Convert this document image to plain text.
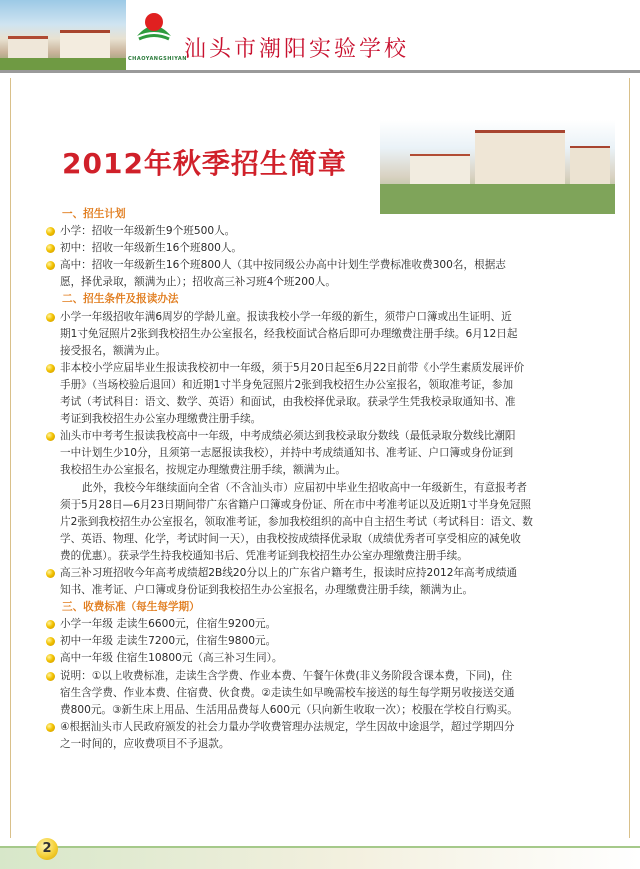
CHAOYANGSHIYAN
汕头市潮阳实验学校
2012年秋季招生简章

一、招生计划

小学：招收一年级新生9个班500人。

初中：招收一年级新生16个班800人。

高中：招收一年级新生16个班800人（其中按同级公办高中计划生学费标准收费300名，根据志

愿，择优录取，额满为止）；招收高三补习班4个班200人。

二、招生条件及报读办法

小学一年级招收年满6周岁的学龄儿童。报读我校小学一年级的新生，须带户口簿或出生证明、近

期1寸免冠照片2张到我校招生办公室报名，经我校面试合格后即可办理缴费注册手续。6月12日起

接受报名，额满为止。

非本校小学应届毕业生报读我校初中一年级，须于5月20日起至6月22日前带《小学生素质发展评价

手册》（当场校验后退回）和近期1寸半身免冠照片2张到我校招生办公室报名，领取准考证，参加

考试（考试科目：语文、数学、英语）和面试，由我校择优录取。获录学生凭我校录取通知书、准

考证到我校招生办公室办理缴费注册手续。

汕头市中考考生报读我校高中一年级，中考成绩必须达到我校录取分数线（最低录取分数线比潮阳

一中计划生少10分，且须第一志愿报读我校），并持中考成绩通知书、准考证、户口簿或身份证到

我校招生办公室报名，按规定办理缴费注册手续，额满为止。

此外，我校今年继续面向全省（不含汕头市）应届初中毕业生招收高中一年级新生，有意报考者

须于5月28日—6月23日期间带广东省籍户口簿或身份证、所在市中考准考证以及近期1寸半身免冠照

片2张到我校招生办公室报名，领取准考证，参加我校组织的高中自主招生考试（考试科目：语文、数

学、英语、物理、化学，考试时间一天），由我校按成绩择优录取（成绩优秀者可享受相应的减免收

费的优惠）。获录学生持我校通知书后、凭准考证到我校招生办公室办理缴费注册手续。

高三补习班招收今年高考成绩超2B线20分以上的广东省户籍考生，报读时应持2012年高考成绩通

知书、准考证、户口簿或身份证到我校招生办公室报名，办理缴费注册手续，额满为止。

三、收费标准（每生每学期）

小学一年级 走读生6600元，住宿生9200元。

初中一年级 走读生7200元，住宿生9800元。

高中一年级 住宿生10800元（高三补习生同）。

说明：①以上收费标准，走读生含学费、作业本费、午餐午休费(非义务阶段含课本费，下同)，住

宿生含学费、作业本费、住宿费、伙食费。②走读生如早晚需校车接送的每生每学期另收接送交通

费800元。③新生床上用品、生活用品费每人600元（只向新生收取一次）；校服在学校自行购买。

④根据汕头市人民政府颁发的社会力量办学收费管理办法规定，学生因故中途退学，超过学期四分

之一时间的，应收费项目不予退款。

2
